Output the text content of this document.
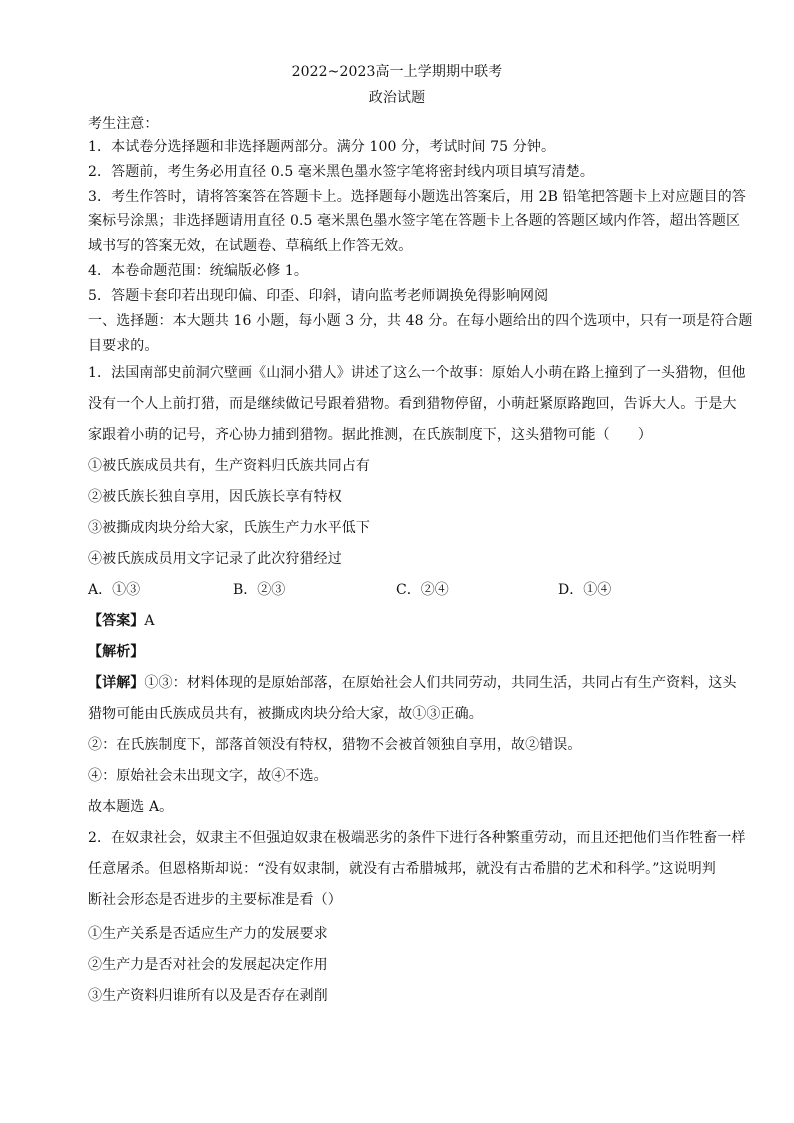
2022~2023高一上学期期中联考
政治试题
考生注意：
1．本试卷分选择题和非选择题两部分。满分 100 分，考试时间 75 分钟。
2．答题前，考生务必用直径 0.5 毫米黑色墨水签字笔将密封线内项目填写清楚。
3．考生作答时，请将答案答在答题卡上。选择题每小题选出答案后，用 2B 铅笔把答题卡上对应题目的答
案标号涂黑；非选择题请用直径 0.5 毫米黑色墨水签字笔在答题卡上各题的答题区域内作答，超出答题区
域书写的答案无效，在试题卷、草稿纸上作答无效。
4．本卷命题范围：统编版必修 1。
5．答题卡套印若出现印偏、印歪、印斜，请向监考老师调换免得影响网阅
一、选择题：本大题共 16 小题，每小题 3 分，共 48 分。在每小题给出的四个选项中，只有一项是符合题
目要求的。
1．法国南部史前洞穴壁画《山洞小猎人》讲述了这么一个故事：原始人小萌在路上撞到了一头猎物，但他
没有一个人上前打猎，而是继续做记号跟着猎物。看到猎物停留，小萌赶紧原路跑回，告诉大人。于是大
家跟着小萌的记号，齐心协力捕到猎物。据此推测，在氏族制度下，这头猎物可能（　　）
①被氏族成员共有，生产资料归氏族共同占有
②被氏族长独自享用，因氏族长享有特权
③被撕成肉块分给大家，氏族生产力水平低下
④被氏族成员用文字记录了此次狩猎经过
A．①③	B．②③	C．②④	D．①④
【答案】A
【解析】
【详解】①③：材料体现的是原始部落，在原始社会人们共同劳动，共同生活，共同占有生产资料，这头
猎物可能由氏族成员共有，被撕成肉块分给大家，故①③正确。
②：在氏族制度下，部落首领没有特权，猎物不会被首领独自享用，故②错误。
④：原始社会未出现文字，故④不选。
故本题选 A。
2．在奴隶社会，奴隶主不但强迫奴隶在极端恶劣的条件下进行各种繁重劳动，而且还把他们当作牲畜一样
任意屠杀。但恩格斯却说：“没有奴隶制，就没有古希腊城邦，就没有古希腊的艺术和科学。”这说明判
断社会形态是否进步的主要标准是看（）
①生产关系是否适应生产力的发展要求
②生产力是否对社会的发展起决定作用
③生产资料归谁所有以及是否存在剥削
